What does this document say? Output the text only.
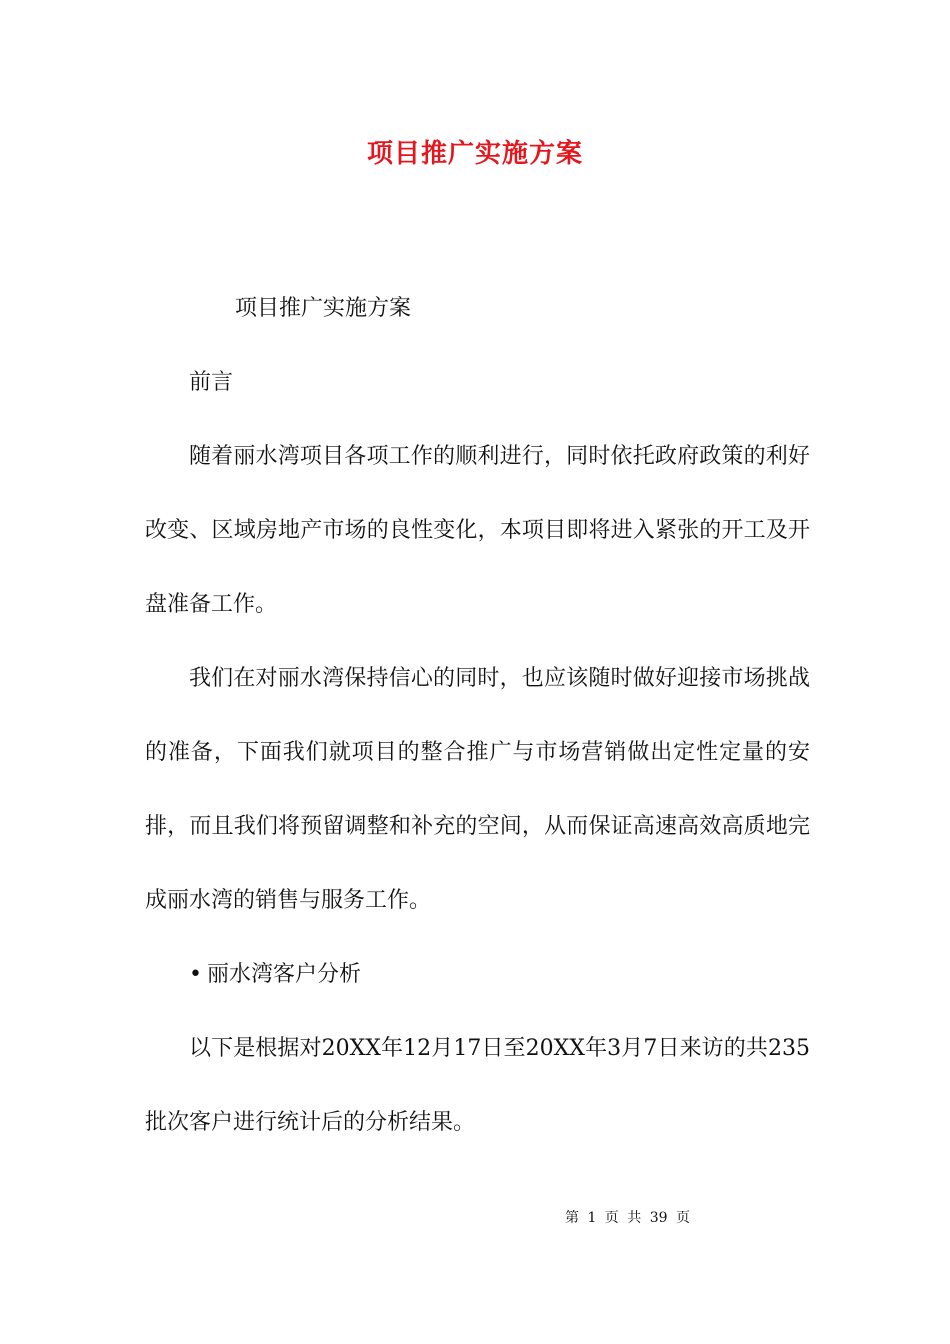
项目推广实施方案

项目推广实施方案

前言

随着丽水湾项目各项工作的顺利进行，同时依托政府政策的利好改变、区域房地产市场的良性变化，本项目即将进入紧张的开工及开盘准备工作。

我们在对丽水湾保持信心的同时，也应该随时做好迎接市场挑战的准备，下面我们就项目的整合推广与市场营销做出定性定量的安排，而且我们将预留调整和补充的空间，从而保证高速高效高质地完成丽水湾的销售与服务工作。

• 丽水湾客户分析

以下是根据对20XX年12月17日至20XX年3月7日来访的共235批次客户进行统计后的分析结果。

第 1 页 共 39 页
